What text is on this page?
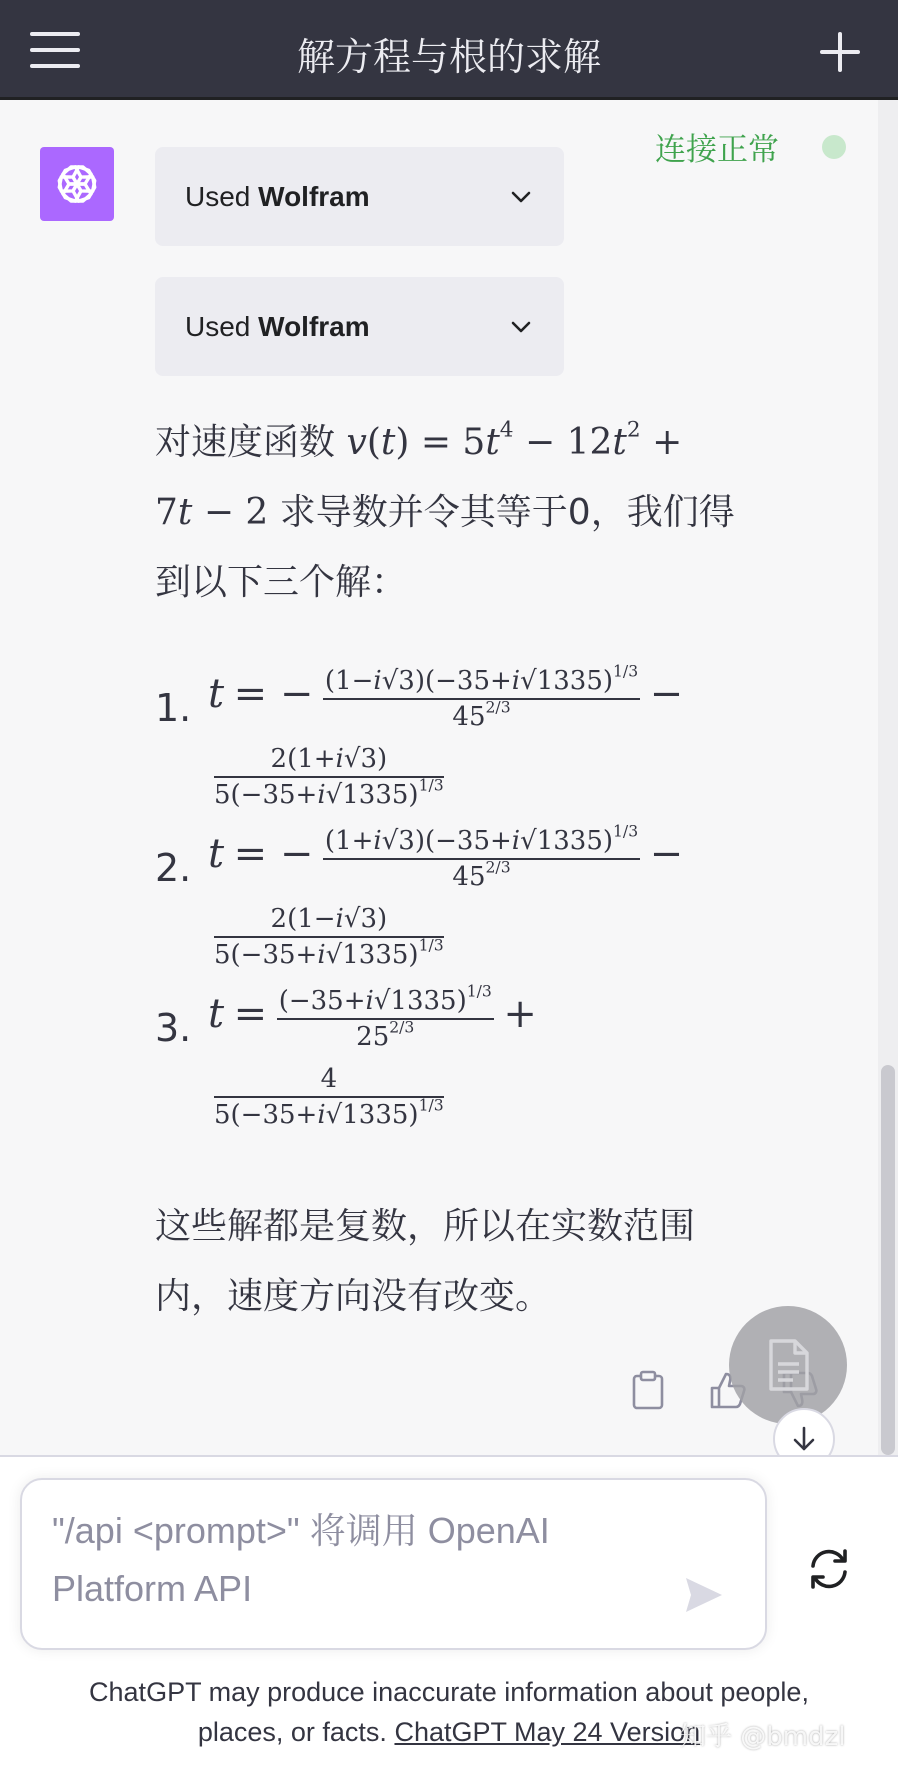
解方程与根的求解
连接正常
Used Wolfram
Used Wolfram
对速度函数 $v(t) = 5t^4 - 12t^2$ +
7t − 2 求导数并令其等于0，我们得
到以下三个解：
1. t = − $\frac{(1-i√3)(-35+i√1335)^{1/3}}{45^{2/3}}$ −
$\frac{2(1+i√3)}{5(-35+i√1335)^{1/3}}$
2. t = − $\frac{(1+i√3)(-35+i√1335)^{1/3}}{45^{2/3}}$ −
$\frac{2(1-i√3)}{5(-35+i√1335)^{1/3}}$
3. $t = \frac{(-35+i√1335)^{1/3}}{25^{2/3}}$ +
$\frac{4}{5(-35+i√1335)^{1/3}}$
这些解都是复数，所以在实数范围
内，速度方向没有改变。
"/api <prompt>" 将调用 OpenAI
Platform API
ChatGPT may produce inaccurate information about people,
places, or facts. ChatGPT May 24 Version
知乎 @bmdzl
